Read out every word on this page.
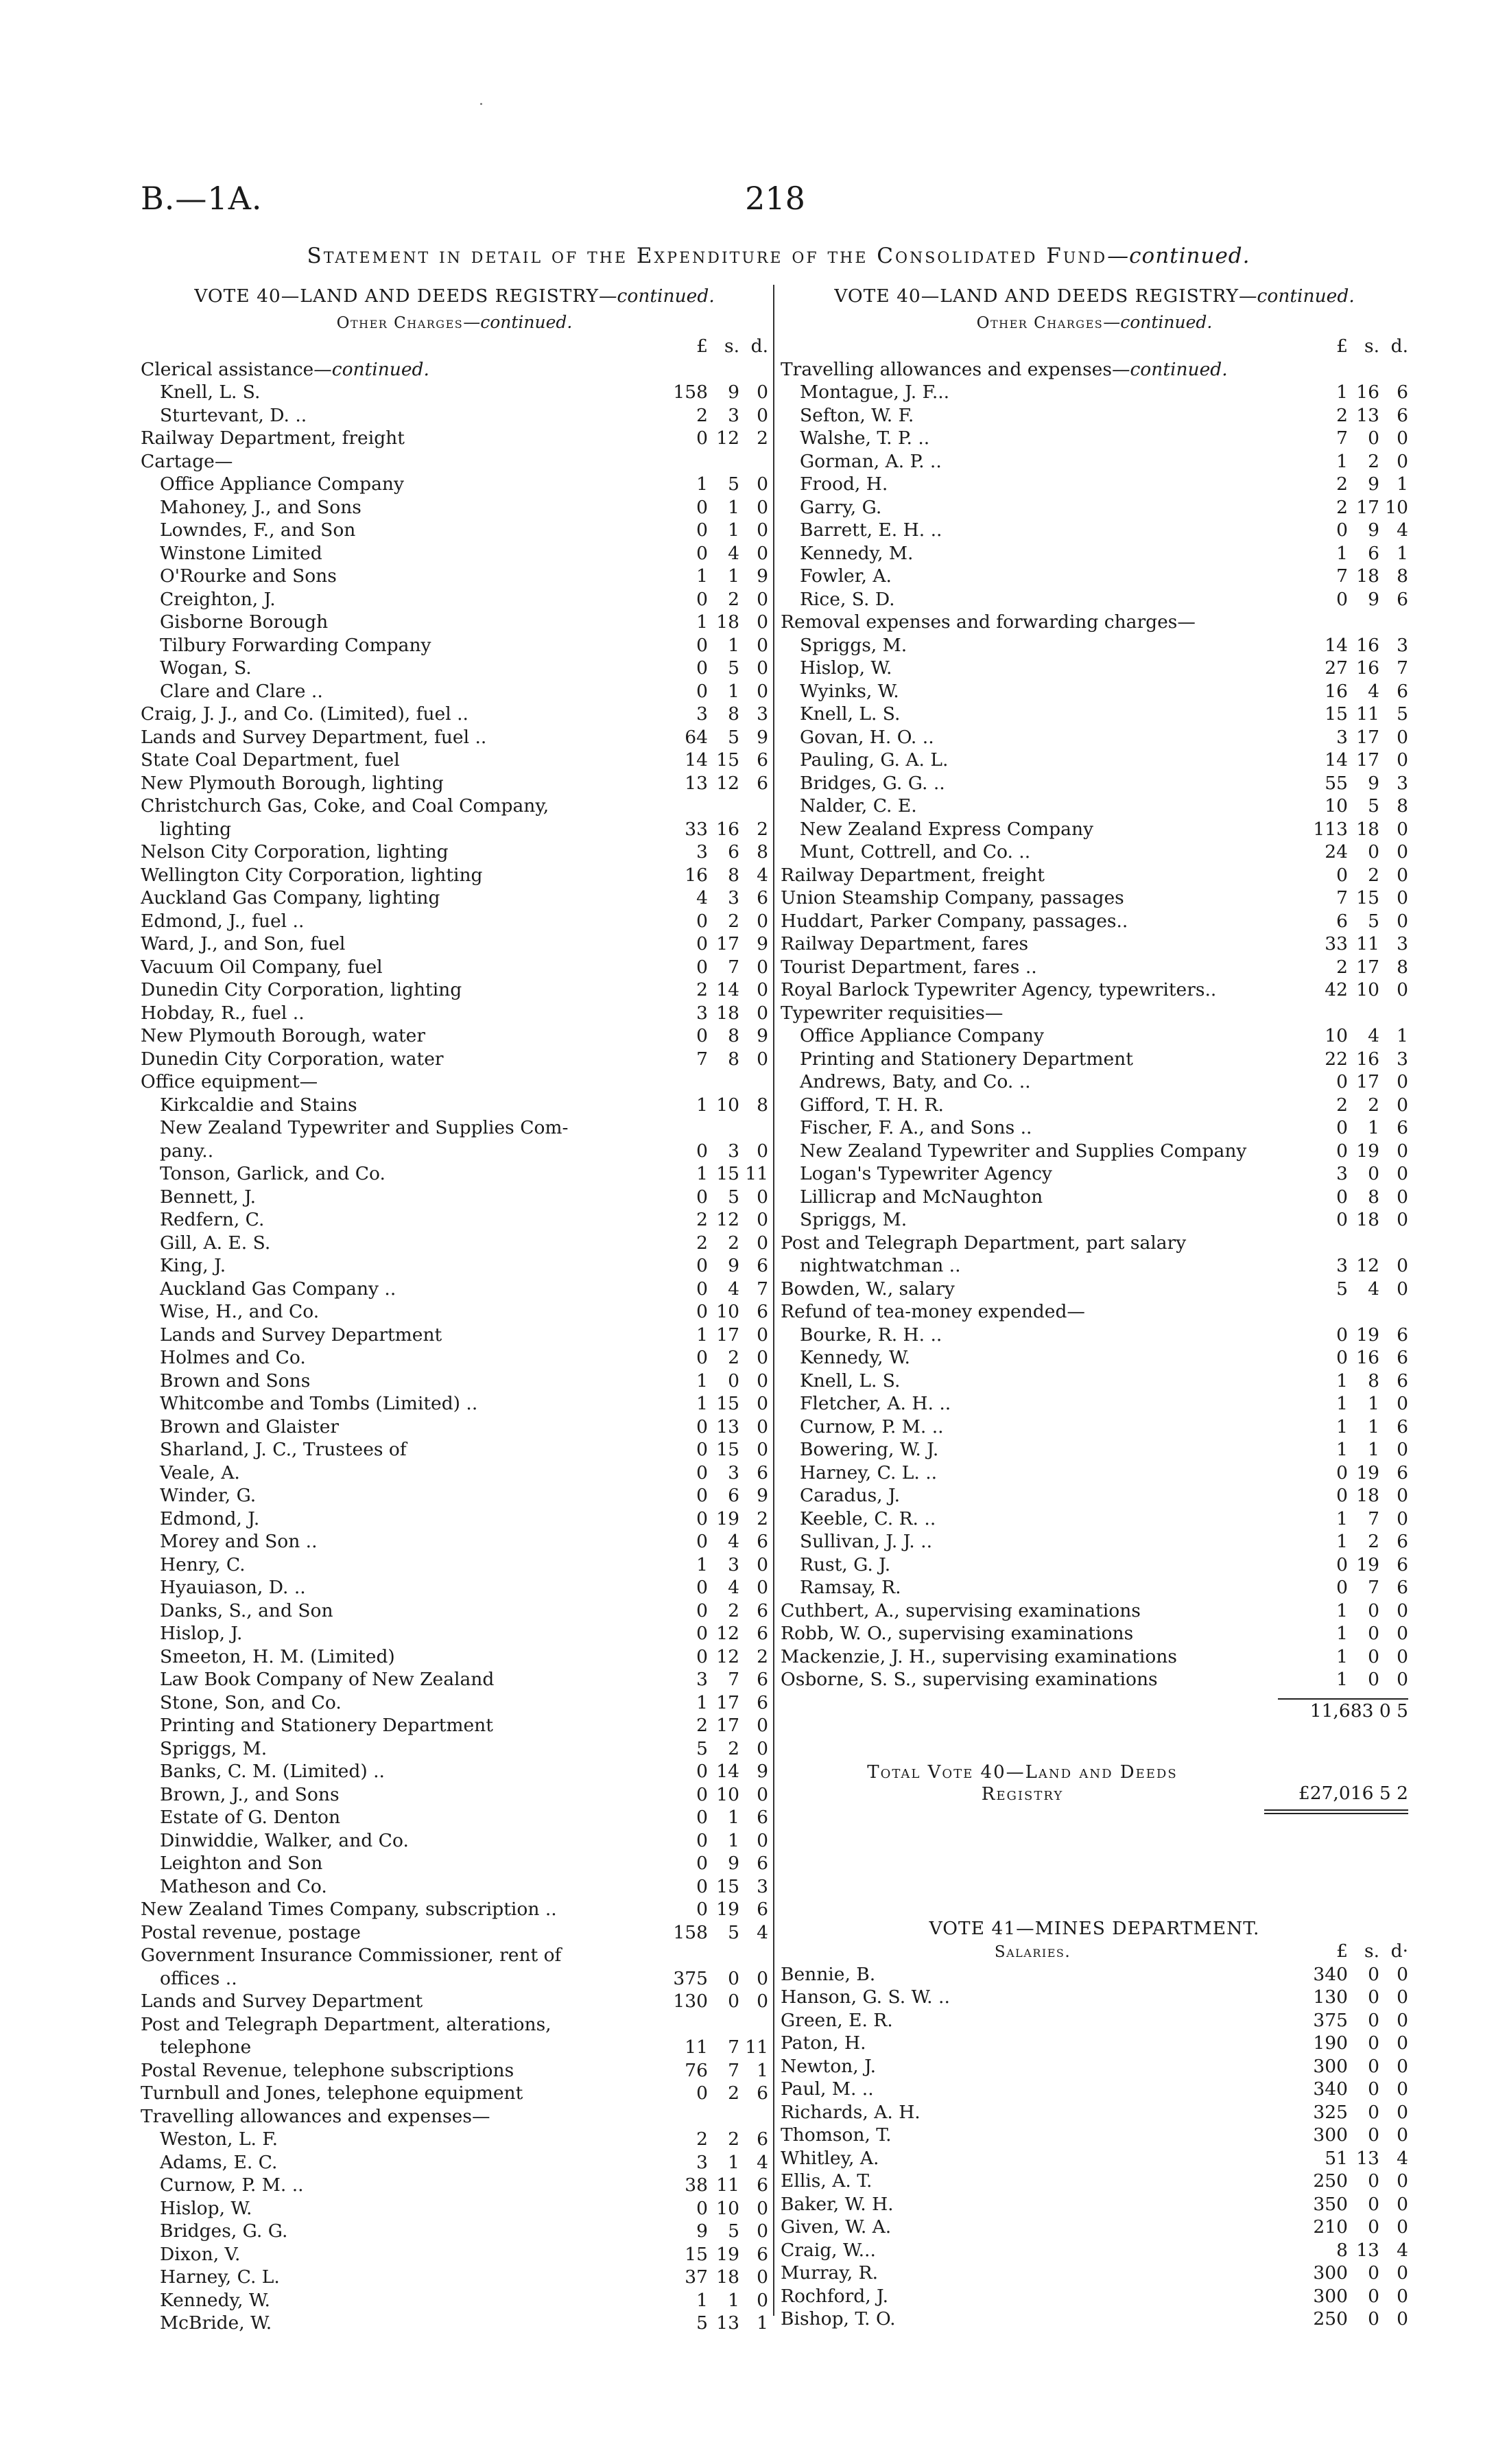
B.—1A.	218
Statement in detail of the Expenditure of the Consolidated Fund—continued.
VOTE 40—LAND AND DEEDS REGISTRY—continued.
Other Charges—continued.
£ s. d.
Clerical assistance—continued.
Knell, L. S.	158	9 0
Sturtevant, D. ..	2	3 0
Railway Department, freight	0 12 2
Cartage—
Office Appliance Company	1	5 0
Mahoney, J., and Sons	0	1 0
Lowndes, F., and Son	0	1 0
Winstone Limited	0	4 0
O'Rourke and Sons	1	1 9
Creighton, J.	0	2 0
Gisborne Borough	1 18 0
Tilbury Forwarding Company	0	1 0
Wogan, S.	0	5 0
Clare and Clare ..	0	1 0
Craig, J. J., and Co. (Limited), fuel ..	3	8 3
Lands and Survey Department, fuel ..	64	5 9
State Coal Department, fuel	14 15 6
New Plymouth Borough, lighting	13 12 6
Christchurch Gas, Coke, and Coal Company,
lighting	33 16 2
Nelson City Corporation, lighting	3	6 8
Wellington City Corporation, lighting	16	8 4
Auckland Gas Company, lighting	4	3 6
Edmond, J., fuel ..	0	2 0
Ward, J., and Son, fuel	0 17 9
Vacuum Oil Company, fuel	0	7 0
Dunedin City Corporation, lighting	2 14 0
Hobday, R., fuel ..	3 18 0
New Plymouth Borough, water	0	8 9
Dunedin City Corporation, water	7	8 0
Office equipment—
Kirkcaldie and Stains	1 10 8
New Zealand Typewriter and Supplies Com-
pany..	0	3 0
Tonson, Garlick, and Co.	1 15 11
Bennett, J.	0	5 0
Redfern, C.	2 12 0
Gill, A. E. S.	2	2 0
King, J.	0	9 6
Auckland Gas Company ..	0	4 7
Wise, H., and Co.	0 10 6
Lands and Survey Department	1 17 0
Holmes and Co.	0	2 0
Brown and Sons	1	0 0
Whitcombe and Tombs (Limited) ..	1 15 0
Brown and Glaister	0 13 0
Sharland, J. C., Trustees of	0 15 0
Veale, A.	0	3 6
Winder, G.	0	6 9
Edmond, J.	0 19 2
Morey and Son ..	0	4 6
Henry, C.	1	3 0
Hyauiason, D. ..	0	4 0
Danks, S., and Son	0	2 6
Hislop, J.	0 12 6
Smeeton, H. M. (Limited)	0 12 2
Law Book Company of New Zealand	3	7 6
Stone, Son, and Co.	1 17 6
Printing and Stationery Department	2 17 0
Spriggs, M.	5	2 0
Banks, C. M. (Limited) ..	0 14 9
Brown, J., and Sons	0 10 0
Estate of G. Denton	0	1 6
Dinwiddie, Walker, and Co.	0	1 0
Leighton and Son	0	9 6
Matheson and Co.	0 15 3
New Zealand Times Company, subscription ..	0 19 6
Postal revenue, postage	158	5 4
Government Insurance Commissioner, rent of
offices ..	375	0 0
Lands and Survey Department	130	0 0
Post and Telegraph Department, alterations,
telephone	11	7 11
Postal Revenue, telephone subscriptions	76	7 1
Turnbull and Jones, telephone equipment	0	2 6
Travelling allowances and expenses—
Weston, L. F.	2	2 6
Adams, E. C.	3	1 4
Curnow, P. M. ..	38 11 6
Hislop, W.	0 10 0
Bridges, G. G.	9	5 0
Dixon, V.	15 19 6
Harney, C. L.	37 18 0
Kennedy, W.	1	1 0
McBride, W.	5 13 1
VOTE 40—LAND AND DEEDS REGISTRY—continued.
Other Charges—continued.
£ s. d.
Travelling allowances and expenses—continued.
Montague, J. F...	1 16 6
Sefton, W. F.	2 13 6
Walshe, T. P. ..	7	0 0
Gorman, A. P. ..	1	2 0
Frood, H.	2	9 1
Garry, G.	2 17 10
Barrett, E. H. ..	0	9 4
Kennedy, M.	1	6 1
Fowler, A.	7 18 8
Rice, S. D.	0	9 6
Removal expenses and forwarding charges—
Spriggs, M.	14 16 3
Hislop, W.	27 16 7
Wyinks, W.	16	4 6
Knell, L. S.	15 11 5
Govan, H. O. ..	3 17 0
Pauling, G. A. L.	14 17 0
Bridges, G. G. ..	55	9 3
Nalder, C. E.	10	5 8
New Zealand Express Company	113 18 0
Munt, Cottrell, and Co. ..	24	0 0
Railway Department, freight	0	2 0
Union Steamship Company, passages	7 15 0
Huddart, Parker Company, passages..	6	5 0
Railway Department, fares	33 11 3
Tourist Department, fares ..	2 17 8
Royal Barlock Typewriter Agency, typewriters..	42 10 0
Typewriter requisities—
Office Appliance Company	10	4 1
Printing and Stationery Department	22 16 3
Andrews, Baty, and Co. ..	0 17 0
Gifford, T. H. R.	2	2 0
Fischer, F. A., and Sons ..	0	1 6
New Zealand Typewriter and Supplies Company	0 19 0
Logan's Typewriter Agency	3	0 0
Lillicrap and McNaughton	0	8 0
Spriggs, M.	0 18 0
Post and Telegraph Department, part salary
nightwatchman ..	3 12 0
Bowden, W., salary	5	4 0
Refund of tea-money expended—
Bourke, R. H. ..	0 19 6
Kennedy, W.	0 16 6
Knell, L. S.	1	8 6
Fletcher, A. H. ..	1	1 0
Curnow, P. M. ..	1	1 6
Bowering, W. J.	1	1 0
Harney, C. L. ..	0 19 6
Caradus, J.	0 18 0
Keeble, C. R. ..	1	7 0
Sullivan, J. J. ..	1	2 6
Rust, G. J.	0 19 6
Ramsay, R.	0	7 6
Cuthbert, A., supervising examinations	1	0 0
Robb, W. O., supervising examinations	1	0 0
Mackenzie, J. H., supervising examinations	1	0 0
Osborne, S. S., supervising examinations	1	0 0
11,683 0 5
Total Vote 40—Land and Deeds
Registry	£27,016 5 2
VOTE 41—MINES DEPARTMENT.
Salaries.	£ s. d·
Bennie, B.	340	0 0
Hanson, G. S. W. ..	130	0 0
Green, E. R.	375	0 0
Paton, H.	190	0 0
Newton, J.	300	0 0
Paul, M. ..	340	0 0
Richards, A. H.	325	0 0
Thomson, T.	300	0 0
Whitley, A.	51 13 4
Ellis, A. T.	250	0 0
Baker, W. H.	350	0 0
Given, W. A.	210	0 0
Craig, W...	8 13 4
Murray, R.	300	0 0
Rochford, J.	300	0 0
Bishop, T. O.	250	0 0
